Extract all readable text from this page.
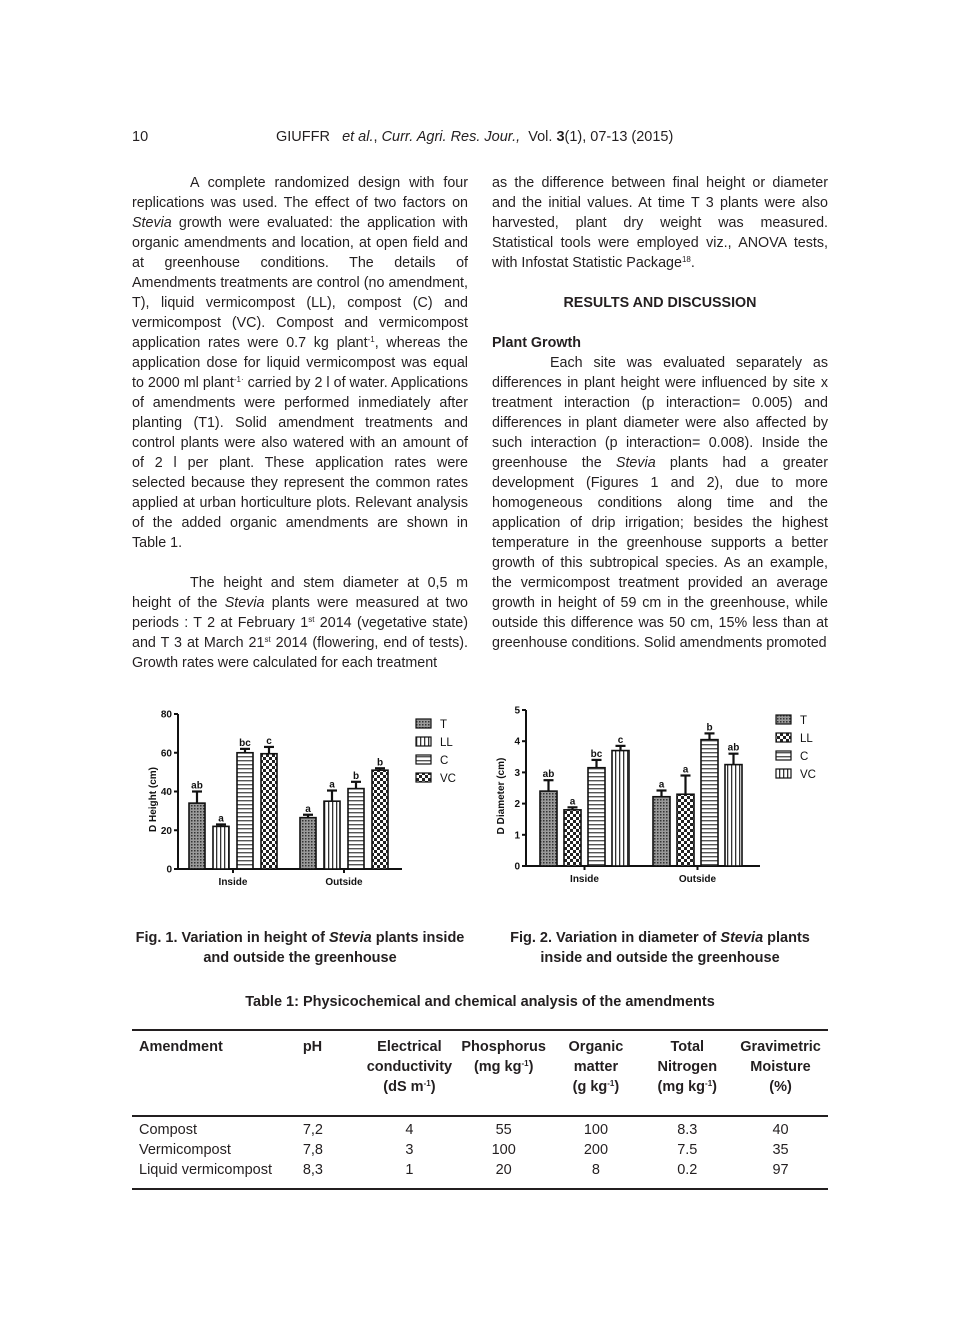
10	GIUFFR et al., Curr. Agri. Res. Jour., Vol. 3(1), 07-13 (2015)

A complete randomized design with four replications was used. The effect of two factors on Stevia growth were evaluated: the application with organic amendments and location, at open field and at greenhouse conditions. The details of Amendments treatments are control (no amendment, T), liquid vermicompost (LL), compost (C) and vermicompost (VC). Compost and vermicompost application rates were 0.7 kg plant$^{-1}$, whereas the application dose for liquid vermicompost was equal to 2000 ml plant$^{-1\cdot}$ carried by 2 l of water. Applications of amendments were performed inmediately after planting (T1). Solid amendment treatments and control plants were also watered with an amount of of 2 l per plant. These application rates were selected because they represent the common rates applied at urban horticulture plots. Relevant analysis of the added organic amendments are shown in Table 1.

The height and stem diameter at 0,5 m height of the Stevia plants were measured at two periods : T 2 at February 1st 2014 (vegetative state) and T 3 at March 21st 2014 (flowering, end of tests). Growth rates were calculated for each treatment

as the difference between final height or diameter and the initial values. At time T 3 plants were also harvested, plant dry weight was measured. Statistical tools were employed viz., ANOVA tests, with Infostat Statistic Package$^{18}$.

RESULTS AND DISCUSSION

Plant Growth

Each site was evaluated separately as differences in plant height were influenced by site x treatment interaction (p interaction= 0.005) and differences in plant diameter were also affected by such interaction (p interaction= 0.008). Inside the greenhouse the Stevia plants had a greater development (Figures 1 and 2), due to more homogeneous conditions along time and the application of drip irrigation; besides the highest temperature in the greenhouse supports a better growth of this subtropical species. As an example, the vermicompost treatment provided an average growth in height of 59 cm in the greenhouse, while outside this difference was 50 cm, 15% less than at greenhouse conditions. Solid amendments promoted

0
20
40
60
80
D Height (cm)	ab
a
bc c
Inside
a
a
b
b
Outside
T
LL
C
VC
Fig. 1. Variation in height of Stevia plants inside and outside the greenhouse
0
1
2
3
4
5
D Diameter (cm)	ab
a
bc
c
Inside
a
a
b
ab
Outside
T
LL
C
VC
Fig. 2. Variation in diameter of Stevia plants inside and outside the greenhouse
Table 1: Physicochemical and chemical analysis of the amendments
Amendment	pH	Electrical
conductivity
(dS $m^{-1}$)	Phosphorus
(mg $kg^{-1}$)	Organic
matter
(g $kg^{-1}$)	Total
Nitrogen
(mg $kg^{-1}$)	Gravimetric
Moisture
(%)
Compost	7,2	4	55	100	8.3	40
Vermicompost	7,8	3	100	200	7.5	35
Liquid vermicompost	8,3	1	20	8	0.2	97
